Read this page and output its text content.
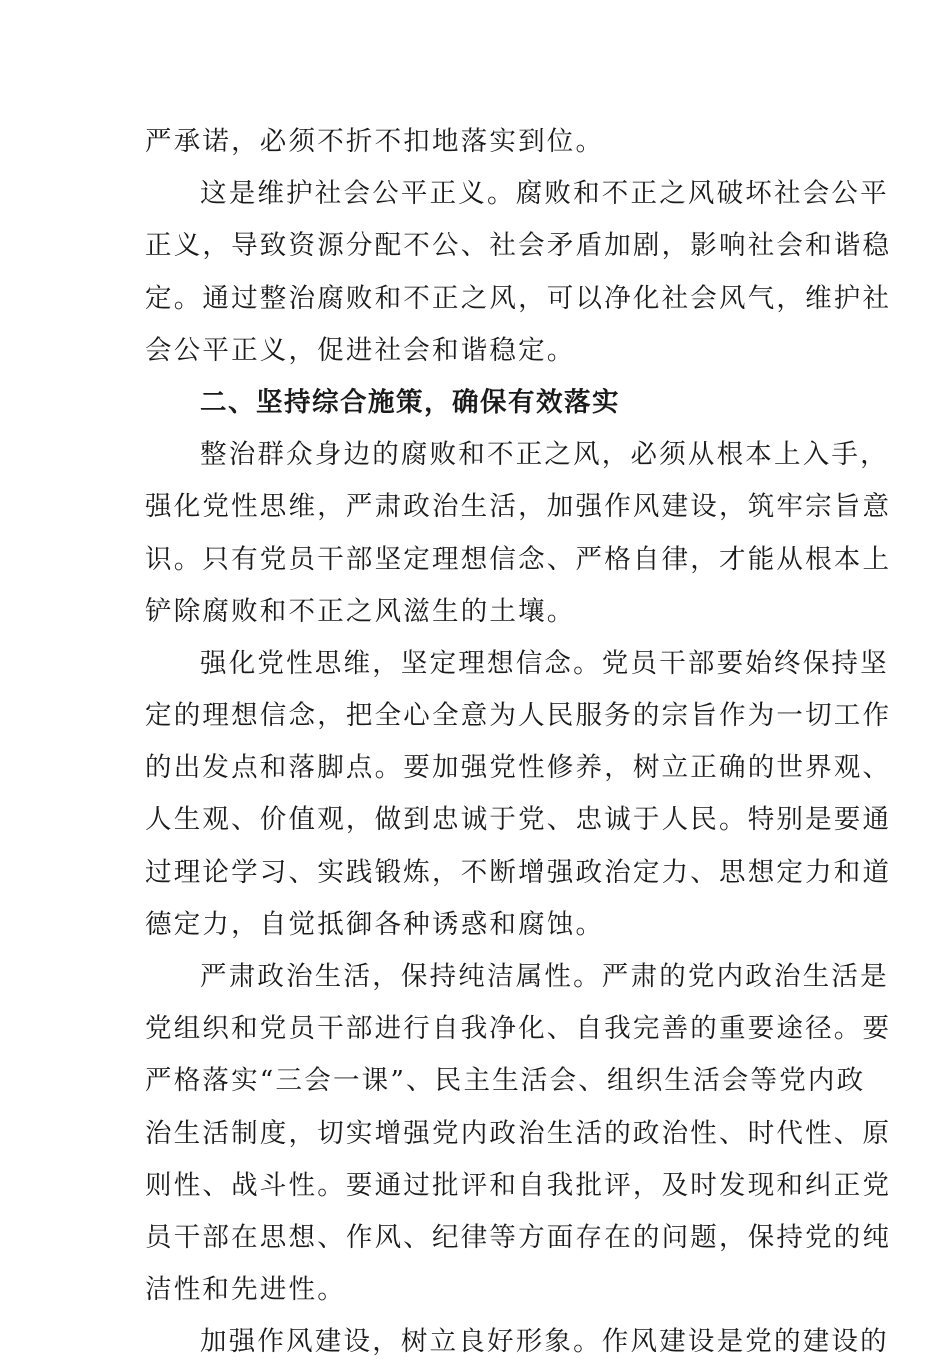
严承诺，必须不折不扣地落实到位。
这是维护社会公平正义。腐败和不正之风破坏社会公平
正义，导致资源分配不公、社会矛盾加剧，影响社会和谐稳
定。通过整治腐败和不正之风，可以净化社会风气，维护社
会公平正义，促进社会和谐稳定。
二、坚持综合施策，确保有效落实
整治群众身边的腐败和不正之风，必须从根本上入手，
强化党性思维，严肃政治生活，加强作风建设，筑牢宗旨意
识。只有党员干部坚定理想信念、严格自律，才能从根本上
铲除腐败和不正之风滋生的土壤。
强化党性思维，坚定理想信念。党员干部要始终保持坚
定的理想信念，把全心全意为人民服务的宗旨作为一切工作
的出发点和落脚点。要加强党性修养，树立正确的世界观、
人生观、价值观，做到忠诚于党、忠诚于人民。特别是要通
过理论学习、实践锻炼，不断增强政治定力、思想定力和道
德定力，自觉抵御各种诱惑和腐蚀。
严肃政治生活，保持纯洁属性。严肃的党内政治生活是
党组织和党员干部进行自我净化、自我完善的重要途径。要
严格落实“三会一课”、民主生活会、组织生活会等党内政
治生活制度，切实增强党内政治生活的政治性、时代性、原
则性、战斗性。要通过批评和自我批评，及时发现和纠正党
员干部在思想、作风、纪律等方面存在的问题，保持党的纯
洁性和先进性。
加强作风建设，树立良好形象。作风建设是党的建设的
